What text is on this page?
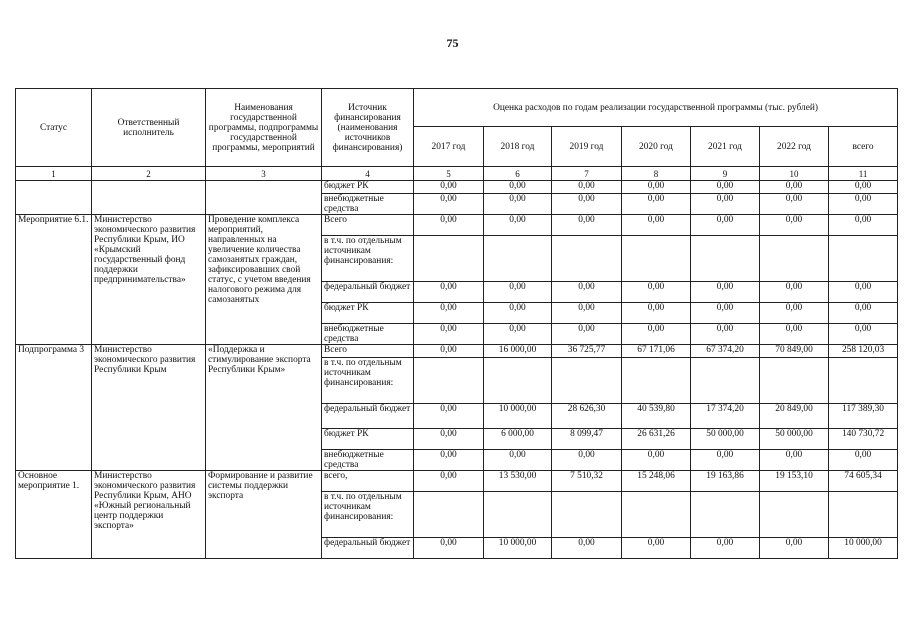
75
Статус	Ответственный исполнитель	Наименования государственной программы, подпрограммы государственной программы, мероприятий	Источник финансирования (наименования источников финансирования)	Оценка расходов по годам реализации государственной программы (тыс. рублей)						
				2017 год	2018 год	2019 год	2020 год	2021 год	2022 год	всего
1	2	3	4	5	6	7	8	9	10	11
			бюджет РК	0,00	0,00	0,00	0,00	0,00	0,00	0,00
			внебюджетные средства	0,00	0,00	0,00	0,00	0,00	0,00	0,00
Мероприятие 6.1.	Министерство экономического развития Республики Крым, ИО «Крымский государственный фонд поддержки предпринимательства»	Проведение комплекса мероприятий, направленных на увеличение количества самозанятых граждан, зафиксировавших свой статус, с учетом введения налогового режима для самозанятых	Всего	0,00	0,00	0,00	0,00	0,00	0,00	0,00
			в т.ч. по отдельным источникам финансирования:							
			федеральный бюджет	0,00	0,00	0,00	0,00	0,00	0,00	0,00
			бюджет РК	0,00	0,00	0,00	0,00	0,00	0,00	0,00
			внебюджетные средства	0,00	0,00	0,00	0,00	0,00	0,00	0,00
Подпрограмма 3	Министерство экономического развития Республики Крым	«Поддержка и стимулирование экспорта Республики Крым»	Всего	0,00	16 000,00	36 725,77	67 171,06	67 374,20	70 849,00	258 120,03
			в т.ч. по отдельным источникам финансирования:							
			федеральный бюджет	0,00	10 000,00	28 626,30	40 539,80	17 374,20	20 849,00	117 389,30
			бюджет РК	0,00	6 000,00	8 099,47	26 631,26	50 000,00	50 000,00	140 730,72
			внебюджетные средства	0,00	0,00	0,00	0,00	0,00	0,00	0,00
Основное мероприятие 1.	Министерство экономического развития Республики Крым, АНО «Южный региональный центр поддержки экспорта»	Формирование и развитие системы поддержки экспорта	всего,	0,00	13 530,00	7 510,32	15 248,06	19 163,86	19 153,10	74 605,34
			в т.ч. по отдельным источникам финансирования:							
			федеральный бюджет	0,00	10 000,00	0,00	0,00	0,00	0,00	10 000,00
